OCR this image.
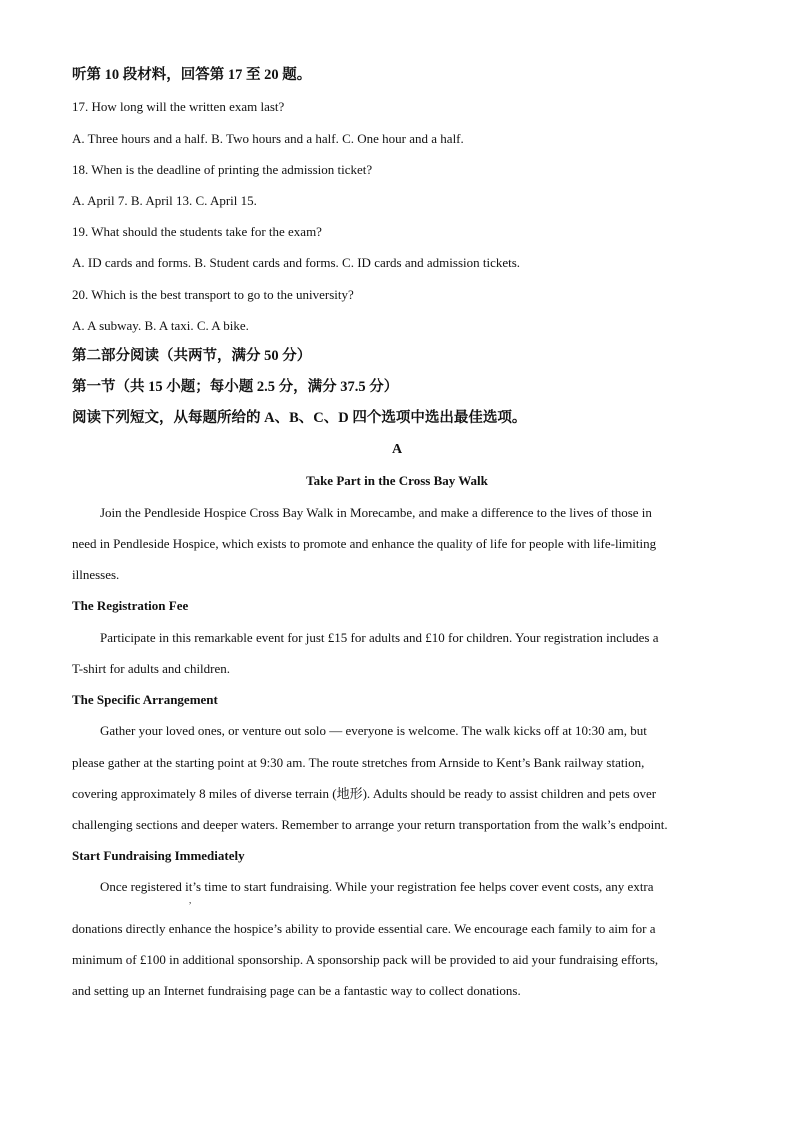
听第 10 段材料，回答第 17 至 20 题。
17. How long will the written exam last?
A. Three hours and a half. B. Two hours and a half. C. One hour and a half.
18. When is the deadline of printing the admission ticket?
A. April 7. B. April 13. C. April 15.
19. What should the students take for the exam?
A. ID cards and forms. B. Student cards and forms. C. ID cards and admission tickets.
20. Which is the best transport to go to the university?
A. A subway. B. A taxi. C. A bike.
第二部分阅读（共两节，满分 50 分）
第一节（共 15 小题；每小题 2.5 分，满分 37.5 分）
阅读下列短文，从每题所给的 A、B、C、D 四个选项中选出最佳选项。
A
Take Part in the Cross Bay Walk
Join the Pendleside Hospice Cross Bay Walk in Morecambe, and make a difference to the lives of those in
need in Pendleside Hospice, which exists to promote and enhance the quality of life for people with life-limiting
illnesses.
The Registration Fee
Participate in this remarkable event for just £15 for adults and £10 for children. Your registration includes a
T-shirt for adults and children.
The Specific Arrangement
Gather your loved ones, or venture out solo — everyone is welcome. The walk kicks off at 10:30 am, but
please gather at the starting point at 9:30 am. The route stretches from Arnside to Kent’s Bank railway station,
covering approximately 8 miles of diverse terrain (地形). Adults should be ready to assist children and pets over
challenging sections and deeper waters. Remember to arrange your return transportation from the walk’s endpoint.
Start Fundraising Immediately
Once registered it’s time to start fundraising. While your registration fee helps cover event costs, any extra
,
donations directly enhance the hospice’s ability to provide essential care. We encourage each family to aim for a
minimum of £100 in additional sponsorship. A sponsorship pack will be provided to aid your fundraising efforts,
and setting up an Internet fundraising page can be a fantastic way to collect donations.
